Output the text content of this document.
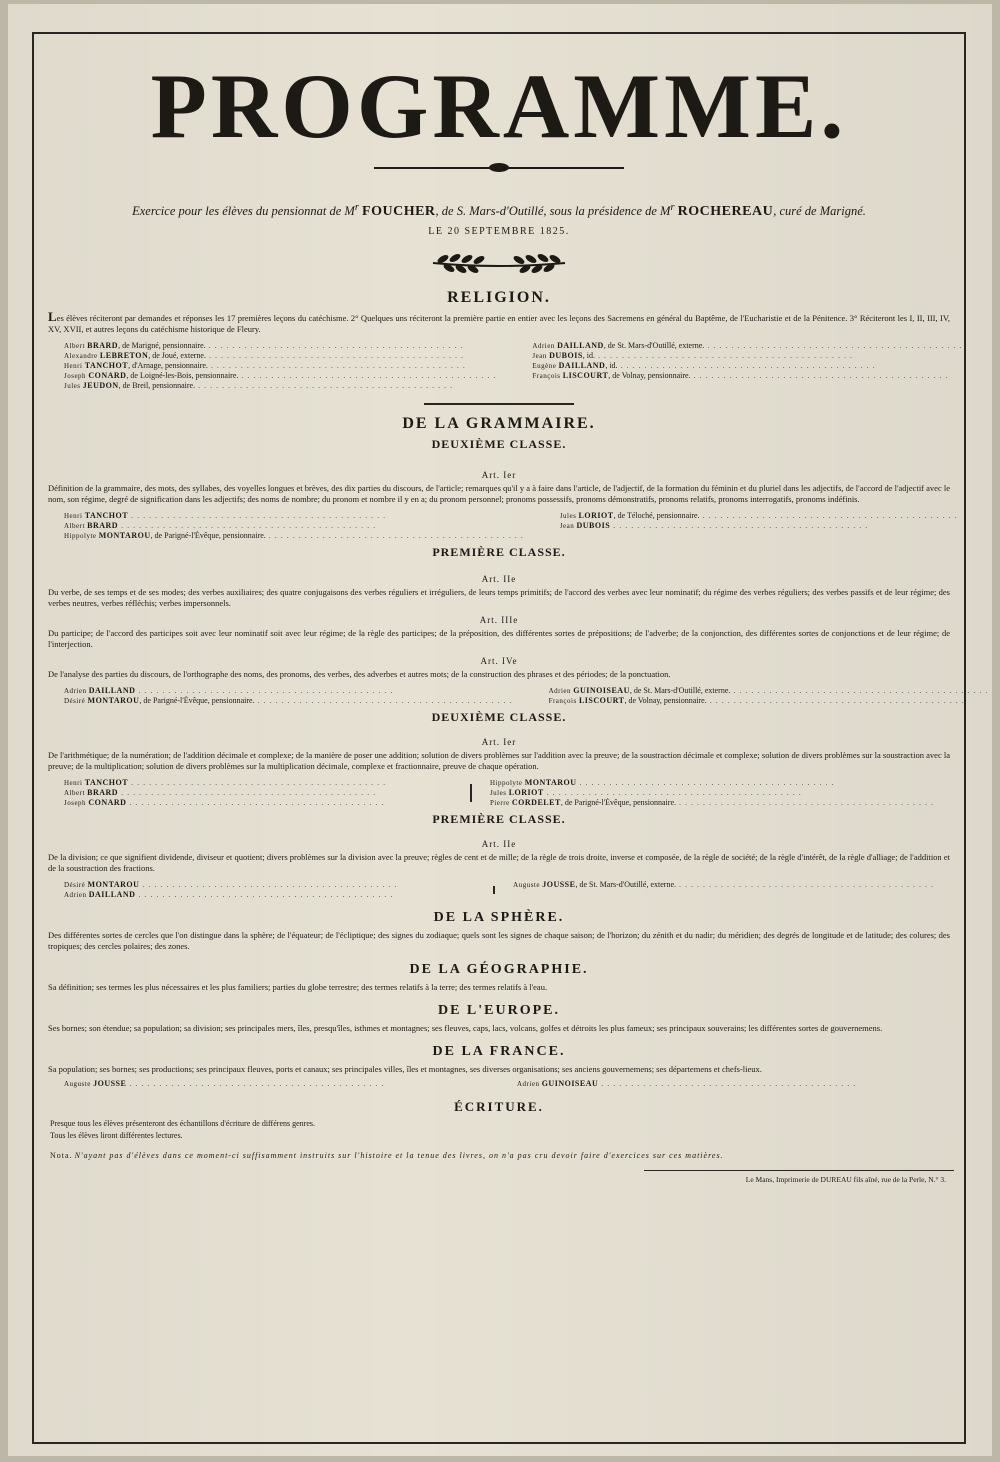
PROGRAMME.
Exercice pour les élèves du pensionnat de $M^r$ FOUCHER, de S. Mars-d'Outillé, sous la présidence de $M^r$ ROCHEREAU, curé de Marigné.
LE 20 SEPTEMBRE 1825.
RELIGION.
Les élèves réciteront par demandes et réponses les 17 premières leçons du catéchisme. 2° Quelques uns réciteront la première partie en entier avec les leçons des Sacremens en général du Baptême, de l'Eucharistie et de la Pénitence. 3° Réciteront les I, II, III, IV, XV, XVII, et autres leçons du catéchisme historique de Fleury.
Albert BRARD, de Marigné, pensionnaire. . . . . . . . . . . . . . . . . . . . . . . . . . . . . . . . . . . . . . . . . . . .
Alexandre LEBRETON, de Joué, externe. . . . . . . . . . . . . . . . . . . . . . . . . . . . . . . . . . . . . . . . . . . .
Henri TANCHOT, d'Arnage, pensionnaire. . . . . . . . . . . . . . . . . . . . . . . . . . . . . . . . . . . . . . . . . . . .
Joseph CONARD, de Loigné-les-Bois, pensionnaire. . . . . . . . . . . . . . . . . . . . . . . . . . . . . . . . . . . . . . . . . . . .
Jules JEUDON, de Breil, pensionnaire. . . . . . . . . . . . . . . . . . . . . . . . . . . . . . . . . . . . . . . . . . . .
Adrien DAILLAND, de St. Mars-d'Outillé, externe. . . . . . . . . . . . . . . . . . . . . . . . . . . . . . . . . . . . . . . . . . . .
Jean DUBOIS, id. . . . . . . . . . . . . . . . . . . . . . . . . . . . . . . . . . . . . . . . . . . .
Eugène DAILLAND, id. . . . . . . . . . . . . . . . . . . . . . . . . . . . . . . . . . . . . . . . . . . .
François LISCOURT, de Volnay, pensionnaire. . . . . . . . . . . . . . . . . . . . . . . . . . . . . . . . . . . . . . . . . . . .
DE LA GRAMMAIRE.
DEUXIÈME CLASSE.
Art. Ier
Définition de la grammaire, des mots, des syllabes, des voyelles longues et brèves, des dix parties du discours, de l'article; remarques qu'il y a à faire dans l'article, de l'adjectif, de la formation du féminin et du pluriel dans les adjectifs, de l'accord de l'adjectif avec le nom, son régime, degré de signification dans les adjectifs; des noms de nombre; du pronom et nombre il y en a; du pronom personnel; pronoms possessifs, pronoms démonstratifs, pronoms relatifs, pronoms interrogatifs, pronoms indéfinis.
Henri TANCHOT . . . . . . . . . . . . . . . . . . . . . . . . . . . . . . . . . . . . . . . . . . .
Albert BRARD . . . . . . . . . . . . . . . . . . . . . . . . . . . . . . . . . . . . . . . . . . .
Hippolyte MONTAROU, de Parigné-l'Évêque, pensionnaire. . . . . . . . . . . . . . . . . . . . . . . . . . . . . . . . . . . . . . . . . . . .
Jules LORIOT, de Téloché, pensionnaire. . . . . . . . . . . . . . . . . . . . . . . . . . . . . . . . . . . . . . . . . . . .
Jean DUBOIS . . . . . . . . . . . . . . . . . . . . . . . . . . . . . . . . . . . . . . . . . . .
PREMIÈRE CLASSE.
Art. IIe
Du verbe, de ses temps et de ses modes; des verbes auxiliaires; des quatre conjugaisons des verbes réguliers et irréguliers, de leurs temps primitifs; de l'accord des verbes avec leur nominatif; du régime des verbes réguliers; des verbes passifs et de leur régime; des verbes neutres, verbes réfléchis; verbes impersonnels.
Art. IIIe
Du participe; de l'accord des participes soit avec leur nominatif soit avec leur régime; de la règle des participes; de la préposition, des différentes sortes de prépositions; de l'adverbe; de la conjonction, des différentes sortes de conjonctions et de leur régime; de l'interjection.
Art. IVe
De l'analyse des parties du discours, de l'orthographe des noms, des pronoms, des verbes, des adverbes et autres mots; de la construction des phrases et des périodes; de la ponctuation.
Adrien DAILLAND . . . . . . . . . . . . . . . . . . . . . . . . . . . . . . . . . . . . . . . . . . .
Désiré MONTAROU, de Parigné-l'Évêque, pensionnaire. . . . . . . . . . . . . . . . . . . . . . . . . . . . . . . . . . . . . . . . . . . .
Adrien GUINOISEAU, de St. Mars-d'Outillé, externe. . . . . . . . . . . . . . . . . . . . . . . . . . . . . . . . . . . . . . . . . . . .
François LISCOURT, de Volnay, pensionnaire. . . . . . . . . . . . . . . . . . . . . . . . . . . . . . . . . . . . . . . . . . . .
DEUXIÈME CLASSE.
Art. Ier
De l'arithmétique; de la numération; de l'addition décimale et complexe; de la manière de poser une addition; solution de divers problèmes sur l'addition avec la preuve; de la soustraction décimale et complexe; solution de divers problèmes sur la soustraction avec la preuve; de la multiplication; solution de divers problèmes sur la multiplication décimale, complexe et fractionnaire, preuve de chaque opération.
Henri TANCHOT . . . . . . . . . . . . . . . . . . . . . . . . . . . . . . . . . . . . . . . . . . .
Albert BRARD . . . . . . . . . . . . . . . . . . . . . . . . . . . . . . . . . . . . . . . . . . .
Joseph CONARD . . . . . . . . . . . . . . . . . . . . . . . . . . . . . . . . . . . . . . . . . . .
Hippolyte MONTAROU . . . . . . . . . . . . . . . . . . . . . . . . . . . . . . . . . . . . . . . . . . .
Jules LORIOT . . . . . . . . . . . . . . . . . . . . . . . . . . . . . . . . . . . . . . . . . . .
Pierre CORDELET, de Parigné-l'Évêque, pensionnaire. . . . . . . . . . . . . . . . . . . . . . . . . . . . . . . . . . . . . . . . . . . .
PREMIÈRE CLASSE.
Art. IIe
De la division; ce que signifient dividende, diviseur et quotient; divers problèmes sur la division avec la preuve; règles de cent et de mille; de la règle de trois droite, inverse et composée, de la règle de société; de la règle d'intérêt, de la règle d'alliage; de l'addition et de la soustraction des fractions.
Désiré MONTAROU . . . . . . . . . . . . . . . . . . . . . . . . . . . . . . . . . . . . . . . . . . .
Adrien DAILLAND . . . . . . . . . . . . . . . . . . . . . . . . . . . . . . . . . . . . . . . . . . .
Auguste JOUSSE, de St. Mars-d'Outillé, externe. . . . . . . . . . . . . . . . . . . . . . . . . . . . . . . . . . . . . . . . . . . .
DE LA SPHÈRE.
Des différentes sortes de cercles que l'on distingue dans la sphère; de l'équateur; de l'écliptique; des signes du zodiaque; quels sont les signes de chaque saison; de l'horizon; du zénith et du nadir; du méridien; des degrés de longitude et de latitude; des colures; des tropiques; des cercles polaires; des zones.
DE LA GÉOGRAPHIE.
Sa définition; ses termes les plus nécessaires et les plus familiers; parties du globe terrestre; des termes relatifs à la terre; des termes relatifs à l'eau.
DE L'EUROPE.
Ses bornes; son étendue; sa population; sa division; ses principales mers, îles, presqu'îles, isthmes et montagnes; ses fleuves, caps, lacs, volcans, golfes et détroits les plus fameux; ses principaux souverains; les différentes sortes de gouvernemens.
DE LA FRANCE.
Sa population; ses bornes; ses productions; ses principaux fleuves, ports et canaux; ses principales villes, îles et montagnes, ses diverses organisations; ses anciens gouvernemens; ses départemens et chefs-lieux.
Auguste JOUSSE . . . . . . . . . . . . . . . . . . . . . . . . . . . . . . . . . . . . . . . . . . .	Adrien GUINOISEAU . . . . . . . . . . . . . . . . . . . . . . . . . . . . . . . . . . . . . . . . . . .
ÉCRITURE.
Presque tous les élèves présenteront des échantillons d'écriture de différens genres.
Tous les élèves liront différentes lectures.
Nota. N'ayant pas d'élèves dans ce moment-ci suffisamment instruits sur l'histoire et la tenue des livres, on n'a pas cru devoir faire d'exercices sur ces matières.
Le Mans, Imprimerie de DUREAU fils aîné, rue de la Perle, N.° 3.
